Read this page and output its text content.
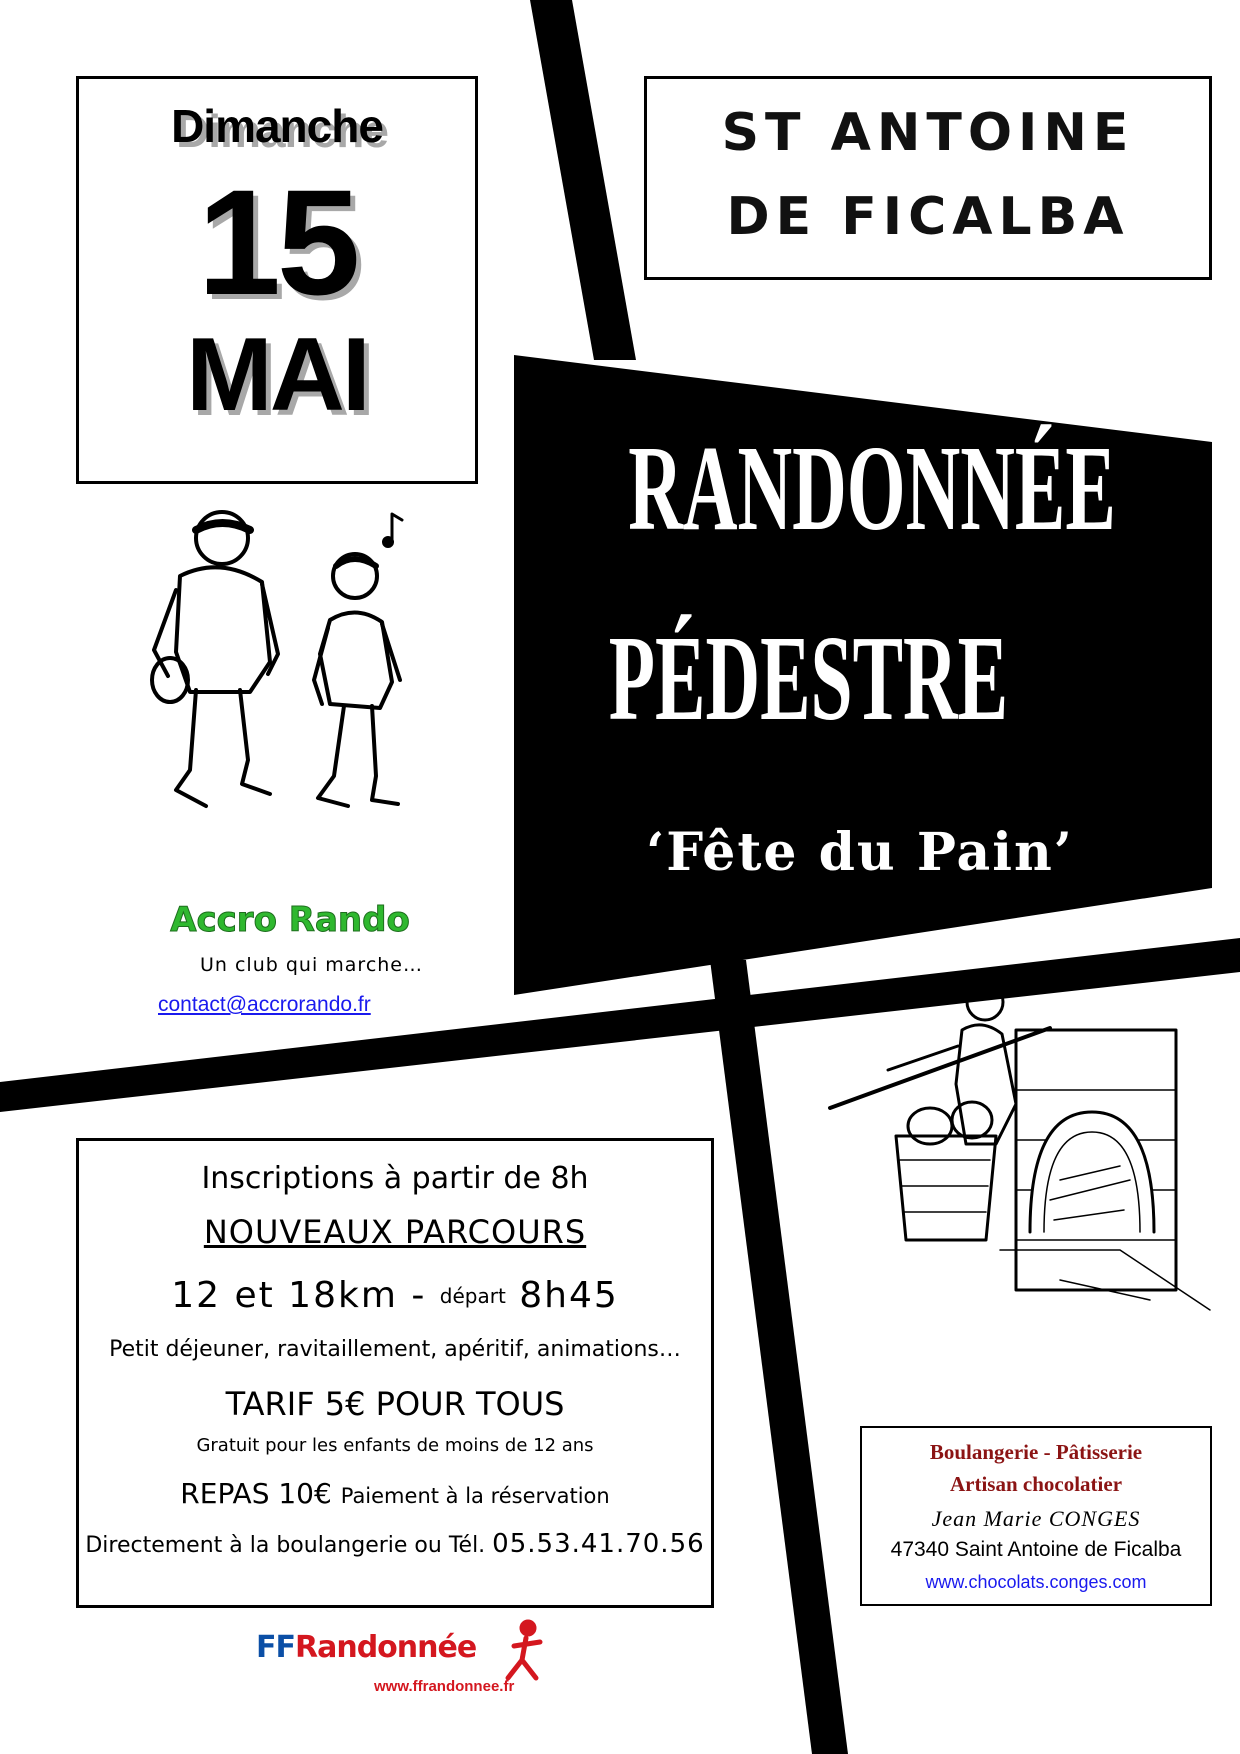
Dimanche
15
MAI
ST ANTOINE
DE FICALBA
RANDONNÉE
PÉDESTRE
‘Fête du Pain’
Accro Rando
Un club qui marche…
contact@accrorando.fr
Inscriptions à partir de 8h
NOUVEAUX PARCOURS
12 et 18km - départ 8h45
Petit déjeuner, ravitaillement, apéritif, animations…
TARIF 5€ POUR TOUS
Gratuit pour les enfants de moins de 12 ans
REPAS 10€ Paiement à la réservation
Directement à la boulangerie ou Tél. 05.53.41.70.56
Boulangerie - Pâtisserie
Artisan chocolatier
Jean Marie CONGES
47340 Saint Antoine de Ficalba
www.chocolats.conges.com
FFRandonnée
www.ffrandonnee.fr
